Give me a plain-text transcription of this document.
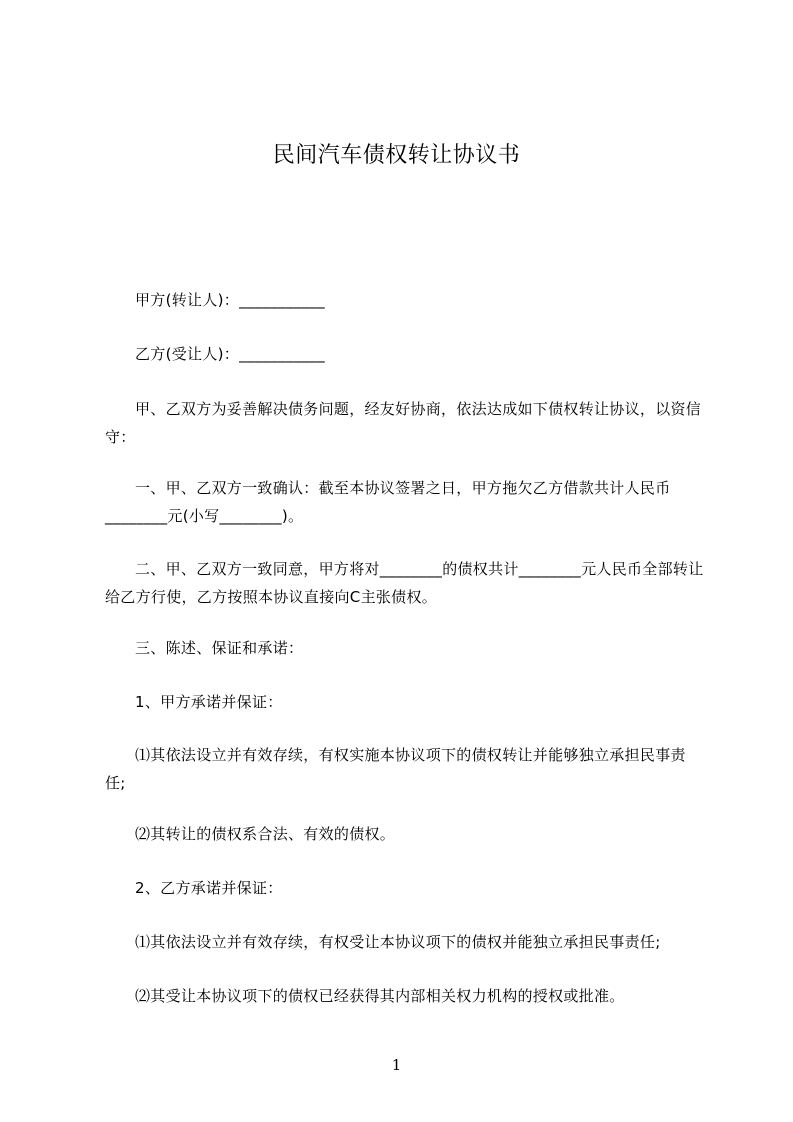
民间汽车债权转让协议书

甲方(转让人)：___________

乙方(受让人)：___________

甲、乙双方为妥善解决债务问题，经友好协商，依法达成如下债权转让协议，以资信守：

一、甲、乙双方一致确认：截至本协议签署之日，甲方拖欠乙方借款共计人民币________元(小写________)。

二、甲、乙双方一致同意，甲方将对________的债权共计________元人民币全部转让给乙方行使，乙方按照本协议直接向C主张债权。

三、陈述、保证和承诺：

1、甲方承诺并保证：

⑴其依法设立并有效存续，有权实施本协议项下的债权转让并能够独立承担民事责任;

⑵其转让的债权系合法、有效的债权。

2、乙方承诺并保证：

⑴其依法设立并有效存续，有权受让本协议项下的债权并能独立承担民事责任;

⑵其受让本协议项下的债权已经获得其内部相关权力机构的授权或批准。

1
